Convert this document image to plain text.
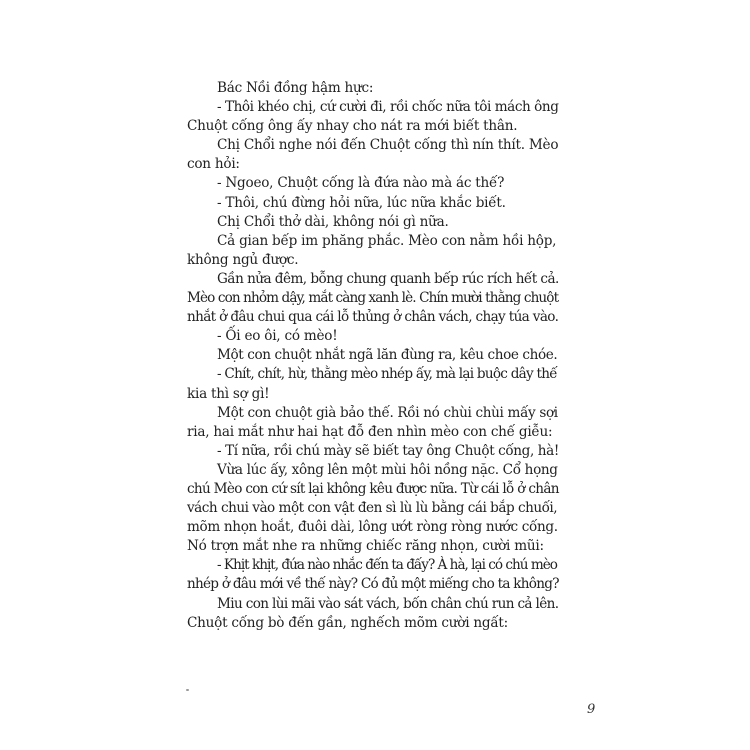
Bác Nồi đồng hậm hực:
- Thôi khéo chị, cứ cười đi, rồi chốc nữa tôi mách ông
Chuột cống ông ấy nhay cho nát ra mới biết thân.
Chị Chổi nghe nói đến Chuột cống thì nín thít. Mèo
con hỏi:
- Ngoeo, Chuột cống là đứa nào mà ác thế?
- Thôi, chú đừng hỏi nữa, lúc nữa khắc biết.
Chị Chổi thở dài, không nói gì nữa.
Cả gian bếp im phăng phắc. Mèo con nằm hồi hộp,
không ngủ được.
Gần nửa đêm, bỗng chung quanh bếp rúc rích hết cả.
Mèo con nhỏm dậy, mắt càng xanh lè. Chín mười thằng chuột
nhắt ở đâu chui qua cái lỗ thủng ở chân vách, chạy túa vào.
- Ối eo ôi, có mèo!
Một con chuột nhắt ngã lăn đùng ra, kêu choe chóe.
- Chít, chít, hừ, thằng mèo nhép ấy, mà lại buộc dây thế
kia thì sợ gì!
Một con chuột già bảo thế. Rồi nó chùi chùi mấy sợi
ria, hai mắt như hai hạt đỗ đen nhìn mèo con chế giễu:
- Tí nữa, rồi chú mày sẽ biết tay ông Chuột cống, hà!
Vừa lúc ấy, xông lên một mùi hôi nồng nặc. Cổ họng
chú Mèo con cứ sít lại không kêu được nữa. Từ cái lỗ ở chân
vách chui vào một con vật đen sì lù lù bằng cái bắp chuối,
mõm nhọn hoắt, đuôi dài, lông ướt ròng ròng nước cống.
Nó trợn mắt nhe ra những chiếc răng nhọn, cười mũi:
- Khịt khịt, đứa nào nhắc đến ta đấy? À hà, lại có chú mèo
nhép ở đâu mới về thế này? Có đủ một miếng cho ta không?
Miu con lùi mãi vào sát vách, bốn chân chú run cả lên.
Chuột cống bò đến gần, nghếch mõm cười ngất:
9
